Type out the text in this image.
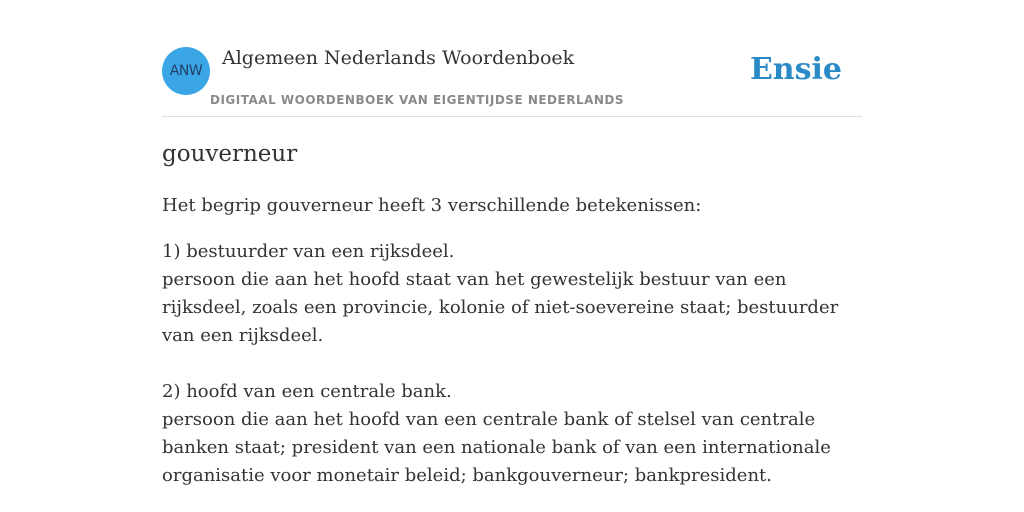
ANW
Algemeen Nederlands Woordenboek
DIGITAAL WOORDENBOEK VAN EIGENTIJDSE NEDERLANDS
Ensie
gouverneur

Het begrip gouverneur heeft 3 verschillende betekenissen:

1) bestuurder van een rijksdeel.
persoon die aan het hoofd staat van het gewestelijk bestuur van een rijksdeel, zoals een provincie, kolonie of niet-soevereine staat; bestuurder van een rijksdeel.
2) hoofd van een centrale bank.
persoon die aan het hoofd van een centrale bank of stelsel van centrale banken staat; president van een nationale bank of van een internationale organisatie voor monetair beleid; bankgouverneur; bankpresident.
